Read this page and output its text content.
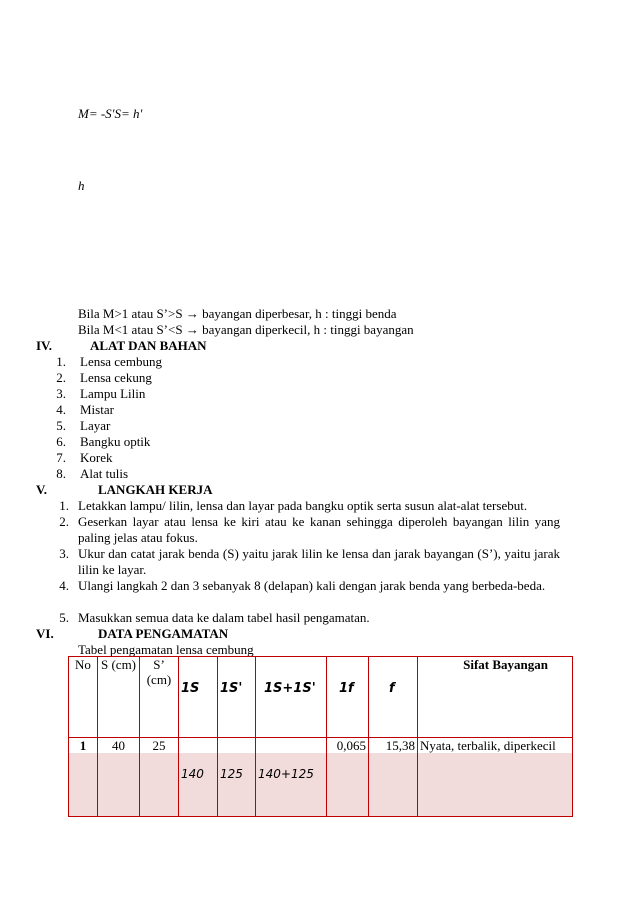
M= -S'S= h'
h
Bila M>1 atau S’>S → bayangan diperbesar, h : tinggi benda
Bila M<1 atau S’<S → bayangan diperkecil, h : tinggi bayangan
IV.	ALAT DAN BAHAN
1. Lensa cembung
2. Lensa cekung
3. Lampu Lilin
4. Mistar
5. Layar
6. Bangku optik
7. Korek
8. Alat tulis
V.	LANGKAH KERJA
1. Letakkan lampu/ lilin, lensa dan layar pada bangku optik serta susun alat-alat tersebut.
2. Geserkan layar atau lensa ke kiri atau ke kanan sehingga diperoleh bayangan lilin yang paling jelas atau fokus.
3. Ukur dan catat jarak benda (S) yaitu jarak lilin ke lensa dan jarak bayangan (S’), yaitu jarak lilin ke layar.
4. Ulangi langkah 2 dan 3 sebanyak 8 (delapan) kali dengan jarak benda yang berbeda-beda.
5. Masukkan semua data ke dalam tabel hasil pengamatan.
VI.	DATA PENGAMATAN
Tabel pengamatan lensa cembung
No	S (cm)	S’ (cm)	1S	1S'	1S+1S'	1f	f	Sifat Bayangan
1	40	25				0,065	15,38	Nyata, terbalik, diperkecil

			140	125	140+125			
